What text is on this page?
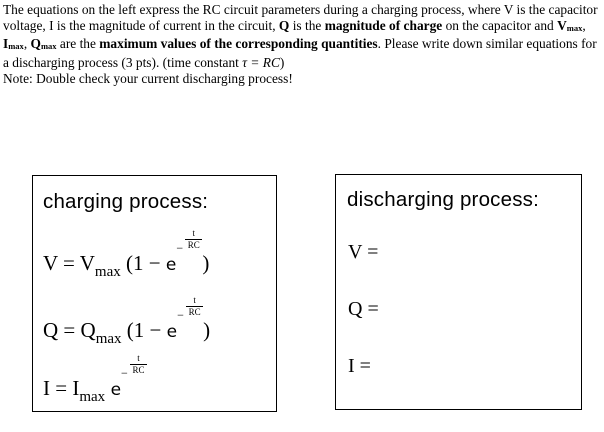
The equations on the left express the RC circuit parameters during a charging process, where V is the capacitor voltage, I is the magnitude of current in the circuit, Q is the magnitude of charge on the capacitor and Vmax, Imax, Qmax are the maximum values of the corresponding quantities. Please write down similar equations for a discharging process (3 pts). (time constant τ = RC)
Note: Double check your current discharging process!
charging process:
$V = V_{max}$ (1 − e
− $\frac{t}{RC}$
)
$Q = Q_{max}$ (1 − e
− $\frac{t}{RC}$
)
$I = I_{max}$ e
− $\frac{t}{RC}$
discharging process:
V =
Q =
I =
